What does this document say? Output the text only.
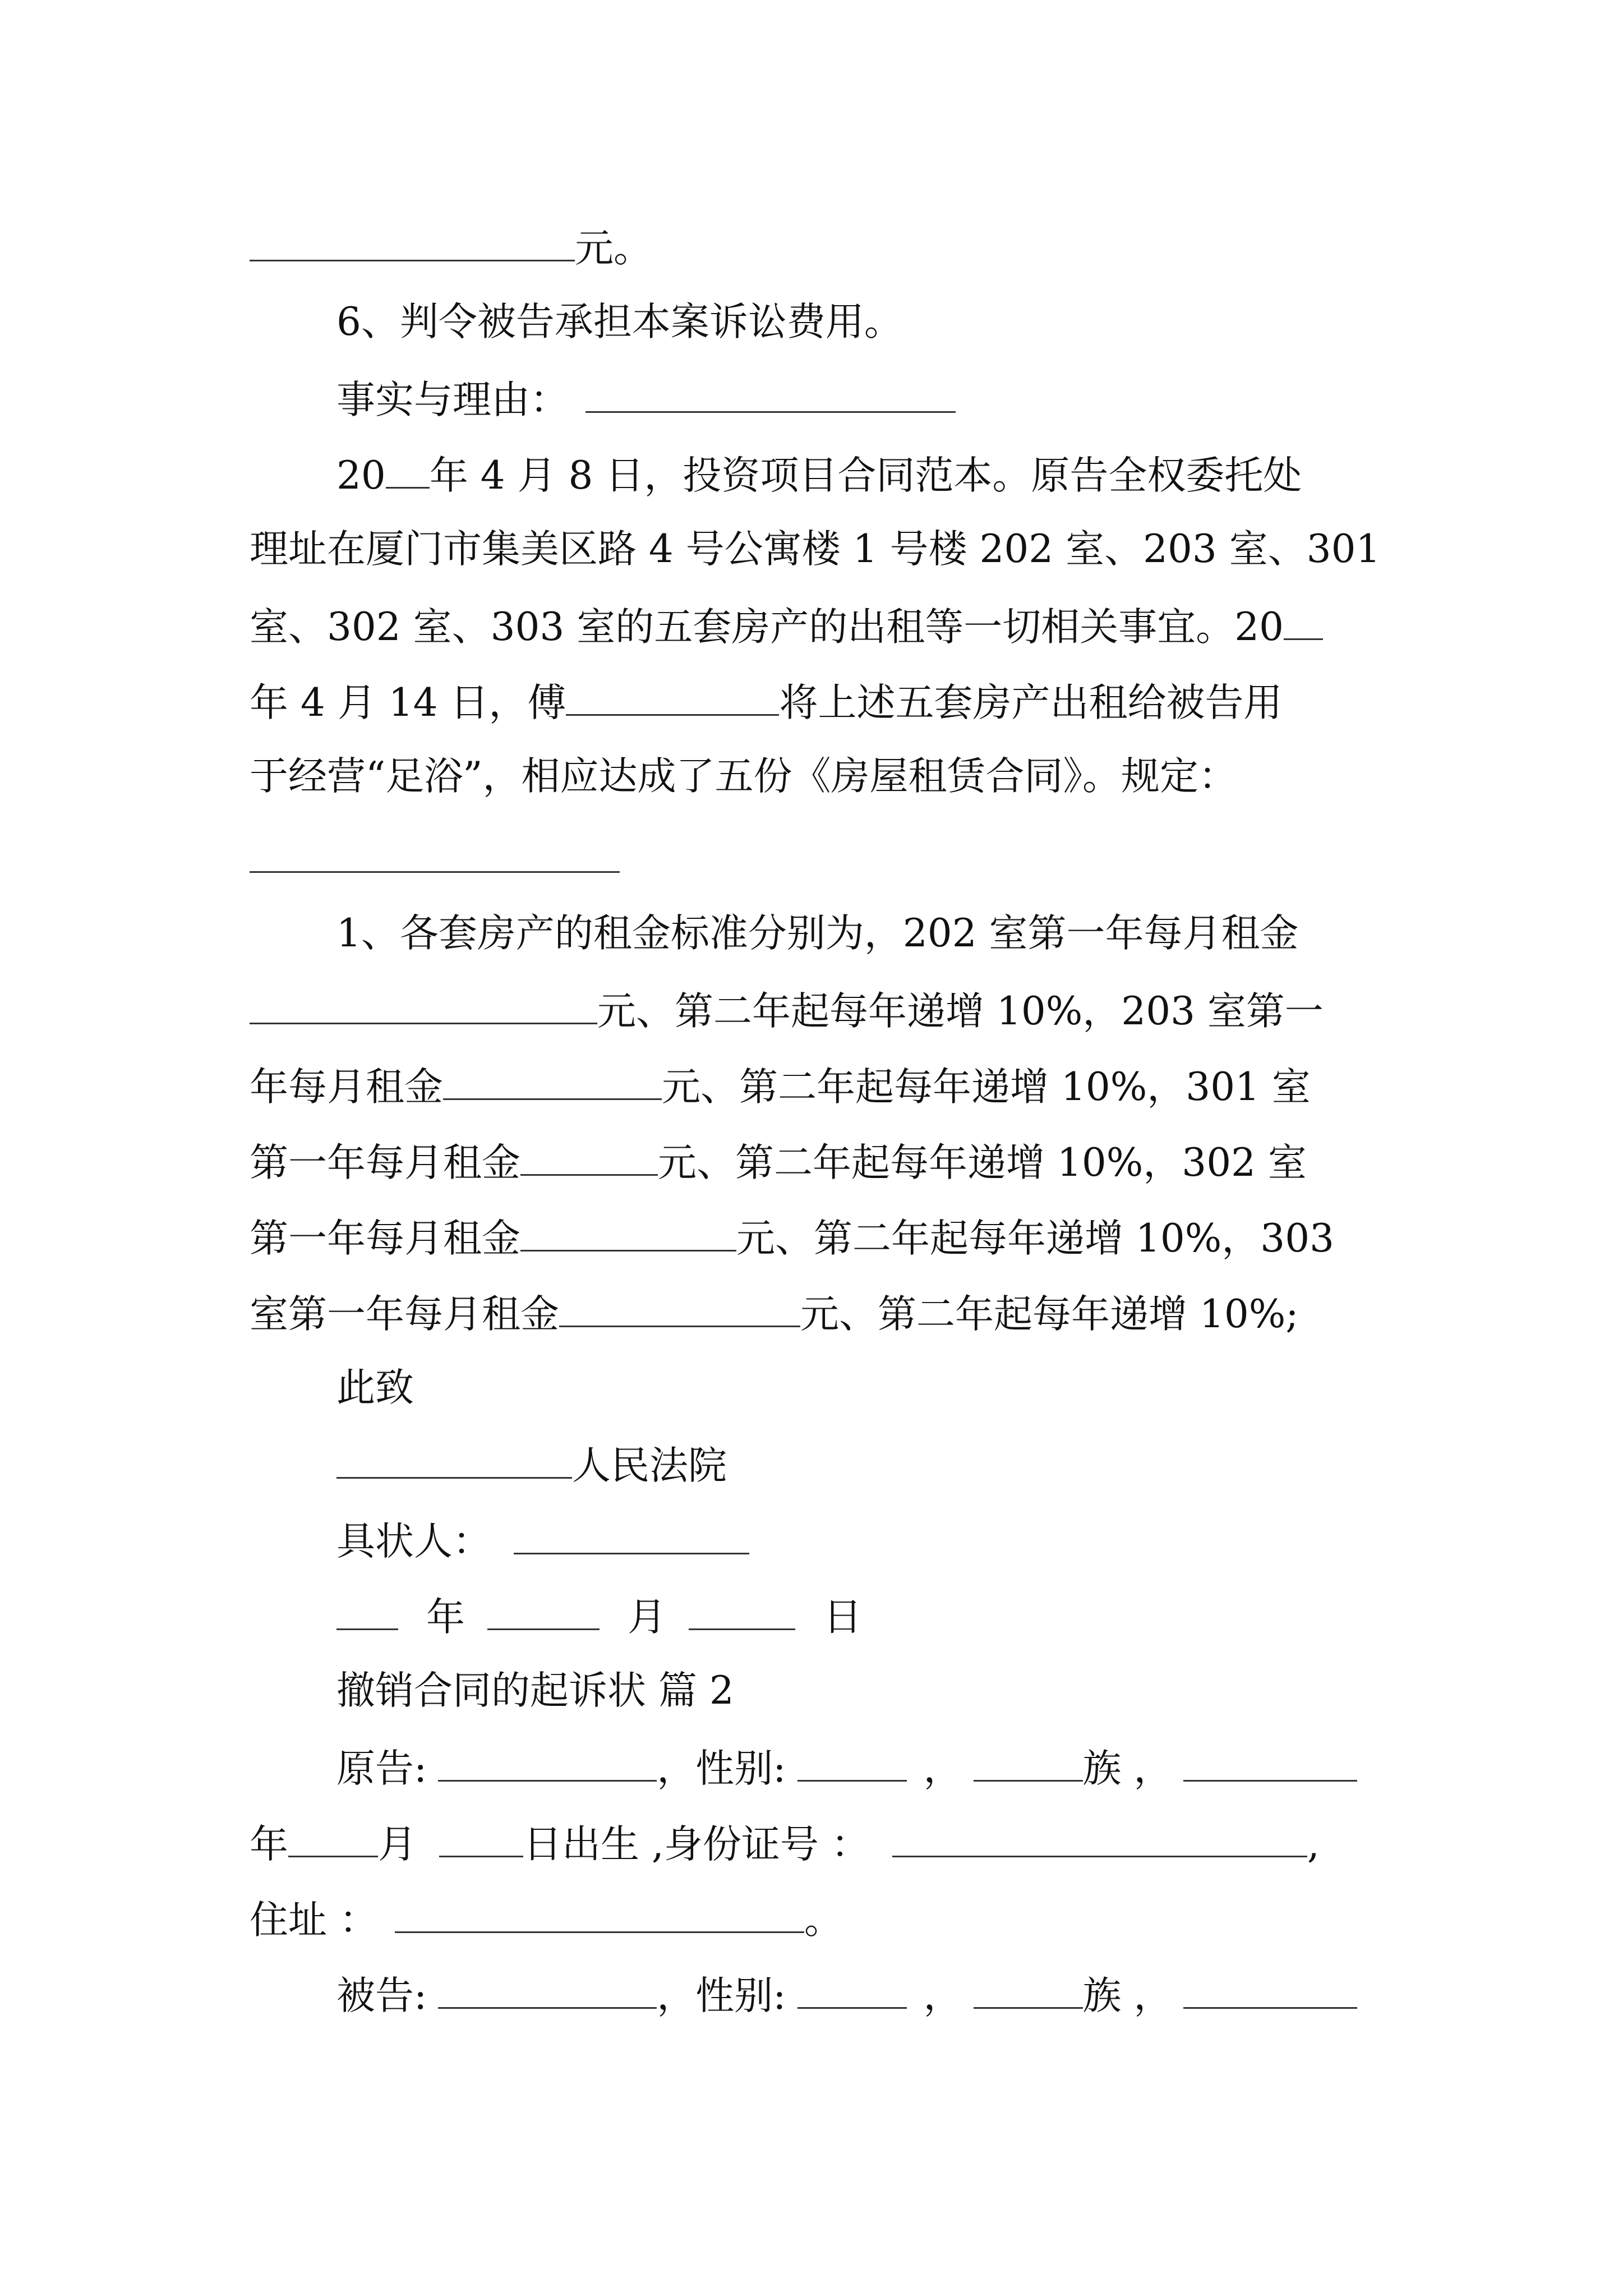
元。
6、判令被告承担本案诉讼费用。
事实与理由：
20 年 4 月 8 日，投资项目合同范本。原告全权委托处
理址在厦门市集美区路 4 号公寓楼 1 号楼 202 室、203 室、301
室、302 室、303 室的五套房产的出租等一切相关事宜。20
年 4 月 14 日，傅	将上述五套房产出租给被告用
于经营“足浴”，相应达成了五份《房屋租赁合同》。规定：
1、各套房产的租金标准分别为，202 室第一年每月租金
元、第二年起每年递增 10%，203 室第一
年每月租金	元、第二年起每年递增 10%，301 室
第一年每月租金	元、第二年起每年递增 10%，302 室
第一年每月租金	元、第二年起每年递增 10%，303
室第一年每月租金	元、第二年起每年递增 10%;
此致
人民法院
具状人：
年	月	日
撤销合同的起诉状 篇 2
原告:	，性别:	，	族 ，
年 月	日出生 ,身份证号 ：	,
住址 ：	。
被告:	，性别:	，	族 ，
